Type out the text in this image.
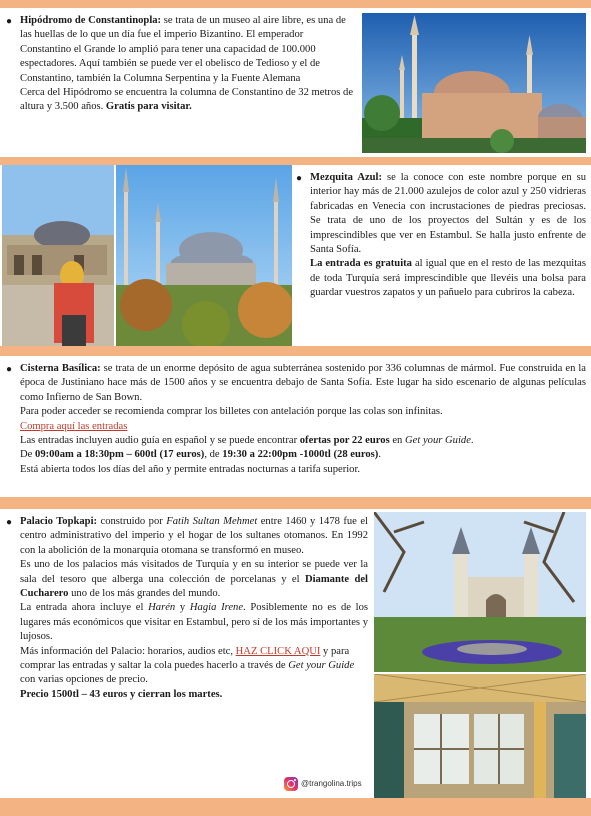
● Hipódromo de Constantinopla: se trata de un museo al aire libre, es una de las huellas de lo que un día fue el imperio Bizantino. El emperador Constantino el Grande lo amplió para tener una capacidad de 100.000 espectadores. Aquí también se puede ver el obelisco de Tedioso y el de Constantino, también la Columna Serpentina y la Fuente Alemana

Cerca del Hipódromo se encuentra la columna de Constantino de 32 metros de altura y 3.500 años. Gratis para visitar.

● Mezquita Azul: se la conoce con este nombre porque en su interior hay más de 21.000 azulejos de color azul y 250 vidrieras fabricadas en Venecia con incrustaciones de piedras preciosas. Se trata de uno de los proyectos del Sultán y es de los imprescindibles que ver en Estambul. Se halla justo enfrente de Santa Sofía.

La entrada es gratuita al igual que en el resto de las mezquitas de toda Turquía será imprescindible que llevéis una bolsa para guardar vuestros zapatos y un pañuelo para cubriros la cabeza.

● Cisterna Basílica: se trata de un enorme depósito de agua subterránea sostenido por 336 columnas de mármol. Fue construida en la época de Justiniano hace más de 1500 años y se encuentra debajo de Santa Sofía. Este lugar ha sido escenario de algunas películas como Infierno de San Bown.

Para poder acceder se recomienda comprar los billetes con antelación porque las colas son infinitas.

Compra aquí las entradas

Las entradas incluyen audio guía en español y se puede encontrar ofertas por 22 euros en Get your Guide.

De 09:00am a 18:30pm – 600tl (17 euros), de 19:30 a 22:00pm -1000tl (28 euros).

Está abierta todos los días del año y permite entradas nocturnas a tarifa superior.

● Palacio Topkapi: construido por Fatih Sultan Mehmet entre 1460 y 1478 fue el centro administrativo del imperio y el hogar de los sultanes otomanos. En 1992 con la abolición de la monarquía otomana se transformó en museo.

Es uno de los palacios más visitados de Turquía y en su interior se puede ver la sala del tesoro que alberga una colección de porcelanas y el Diamante del Cucharero uno de los más grandes del mundo.

La entrada ahora incluye el Harén y Hagia Irene. Posiblemente no es de los lugares más económicos que visitar en Estambul, pero sí de los más importantes y lujosos.

Más información del Palacio: horarios, audios etc, HAZ CLICK AQUI y para comprar las entradas y saltar la cola puedes hacerlo a través de Get your Guide con varias opciones de precio.

Precio 1500tl – 43 euros y cierran los martes.

@trangolina.trips
